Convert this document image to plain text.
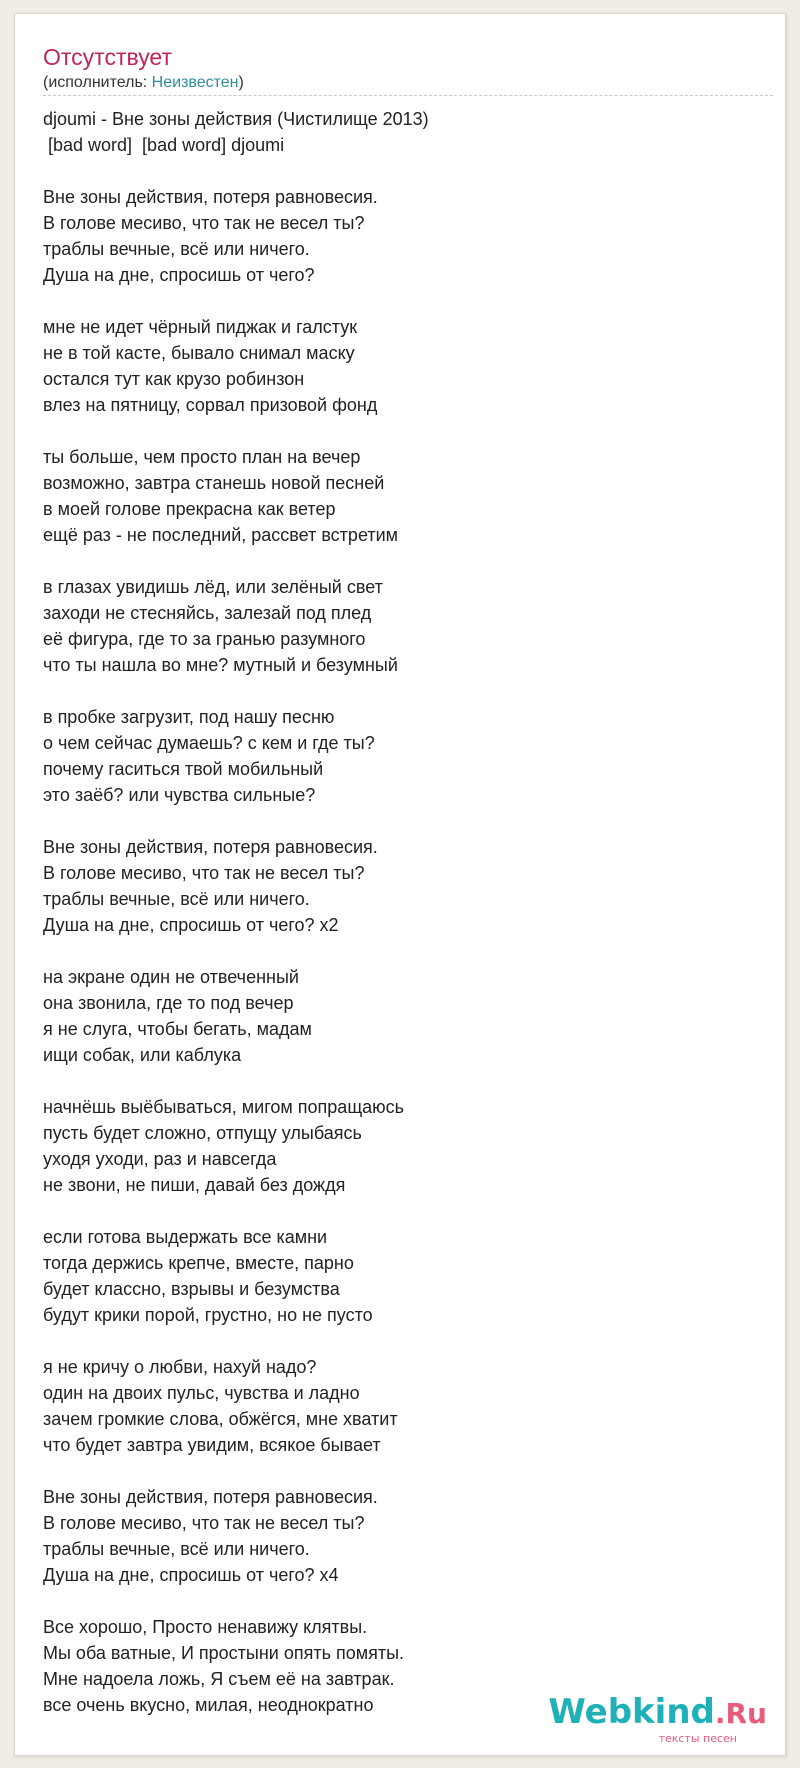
Отсутствует
(исполнитель: Неизвестен)
djoumi - Вне зоны действия (Чистилище 2013)
[bad word]  [bad word] djoumi
Вне зоны действия, потеря равновесия.
В голове месиво, что так не весел ты?
траблы вечные, всё или ничего.
Душа на дне, спросишь от чего?
мне не идет чёрный пиджак и галстук
не в той касте, бывало снимал маску
остался тут как крузо робинзон
влез на пятницу, сорвал призовой фонд
ты больше, чем просто план на вечер
возможно, завтра станешь новой песней
в моей голове прекрасна как ветер
ещё раз - не последний, рассвет встретим
в глазах увидишь лёд, или зелёный свет
заходи не стесняйсь, залезай под плед
её фигура, где то за гранью разумного
что ты нашла во мне? мутный и безумный
в пробке загрузит, под нашу песню
о чем сейчас думаешь? с кем и где ты?
почему гаситься твой мобильный
это заёб? или чувства сильные?
Вне зоны действия, потеря равновесия.
В голове месиво, что так не весел ты?
траблы вечные, всё или ничего.
Душа на дне, спросишь от чего? x2
на экране один не отвеченный
она звонила, где то под вечер
я не слуга, чтобы бегать, мадам
ищи собак, или каблука
начнёшь выёбываться, мигом попращаюсь
пусть будет сложно, отпущу улыбаясь
уходя уходи, раз и навсегда
не звони, не пиши, давай без дождя
если готова выдержать все камни
тогда держись крепче, вместе, парно
будет классно, взрывы и безумства
будут крики порой, грустно, но не пусто
я не кричу о любви, нахуй надо?
один на двоих пульс, чувства и ладно
зачем громкие слова, обжёгся, мне хватит
что будет завтра увидим, всякое бывает
Вне зоны действия, потеря равновесия.
В голове месиво, что так не весел ты?
траблы вечные, всё или ничего.
Душа на дне, спросишь от чего? x4
Все хорошо, Просто ненавижу клятвы.
Мы оба ватные, И простыни опять помяты.
Мне надоела ложь, Я съем её на завтрак.
все очень вкусно, милая, неоднократно	Webkind.Ru
тексты песен
